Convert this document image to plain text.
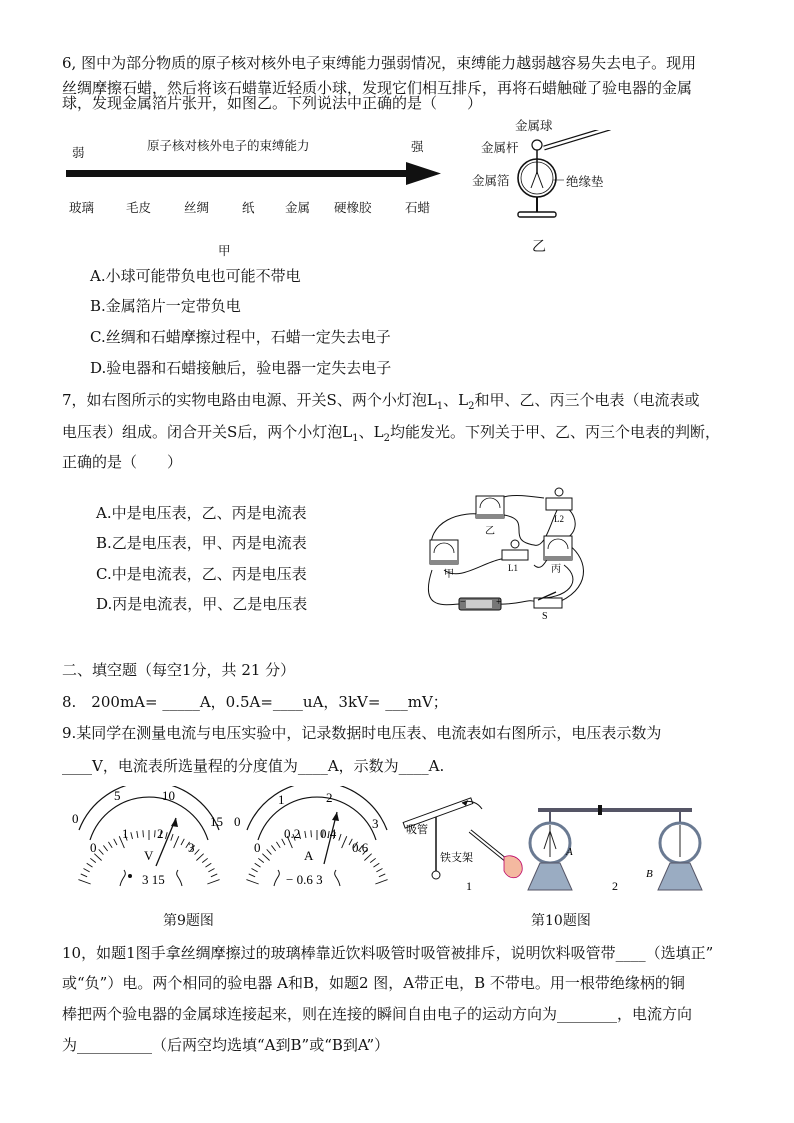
6, 图中为部分物质的原子核对核外电子束缚能力强弱情况，束缚能力越弱越容易失去电子。现用
丝绸摩擦石蜡，然后将该石蜡靠近轻质小球，发现它们相互排斥，再将石蜡触碰了验电器的金属
球，发现金属箔片张开，如图乙。下列说法中正确的是（　　）
弱	原子核对核外电子的束缚能力	强
玻璃	毛皮	丝绸	纸 金属 硬橡胶	石蜡
甲
金属球
金属杆
金属箔	绝缘垫
乙
A.小球可能带负电也可能不带电
B.金属箔片一定带负电
C.丝绸和石蜡摩擦过程中，石蜡一定失去电子
D.验电器和石蜡接触后，验电器一定失去电子
7，如右图所示的实物电路由电源、开关S、两个小灯泡$L_1$、$L_2$和甲、乙、丙三个电表（电流表或
电压表）组成。闭合开关S后，两个小灯泡$L_1$、$L_2$均能发光。下列关于甲、乙、丙三个电表的判断，
正确的是（　　）
A.中是电压表，乙、丙是电流表
B.乙是电压表，甲、丙是电流表
C.中是电流表，乙、丙是电压表
D.丙是电流表，甲、乙是电压表
乙
甲	丙
L1
L2
S
−	+
二、填空题（每空1分，共 21 分）
8.　200mA= _____A，0.5A=____uA，3kV= ___mV；
9.某同学在测量电流与电压实验中，记录数据时电压表、电流表如右图所示，电压表示数为
____V，电流表所选量程的分度值为____A，示数为____A.
0
5	10
15
0
1 2
3
V
3 15
0
1	2
3
0
0.2 0.4
0.6
A
− 0.6 3
第9题图
吸管
铁支架
1	2
A
B
第10题图
10，如题1图手拿丝绸摩擦过的玻璃棒靠近饮料吸管时吸管被排斥，说明饮料吸管带____（选填正”
或“负”）电。两个相同的验电器 A和B，如题2 图，A带正电，B 不带电。用一根带绝缘柄的铜
棒把两个验电器的金属球连接起来，则在连接的瞬间自由电子的运动方向为________，电流方向
为__________（后两空均选填“A到B”或“B到A”）
